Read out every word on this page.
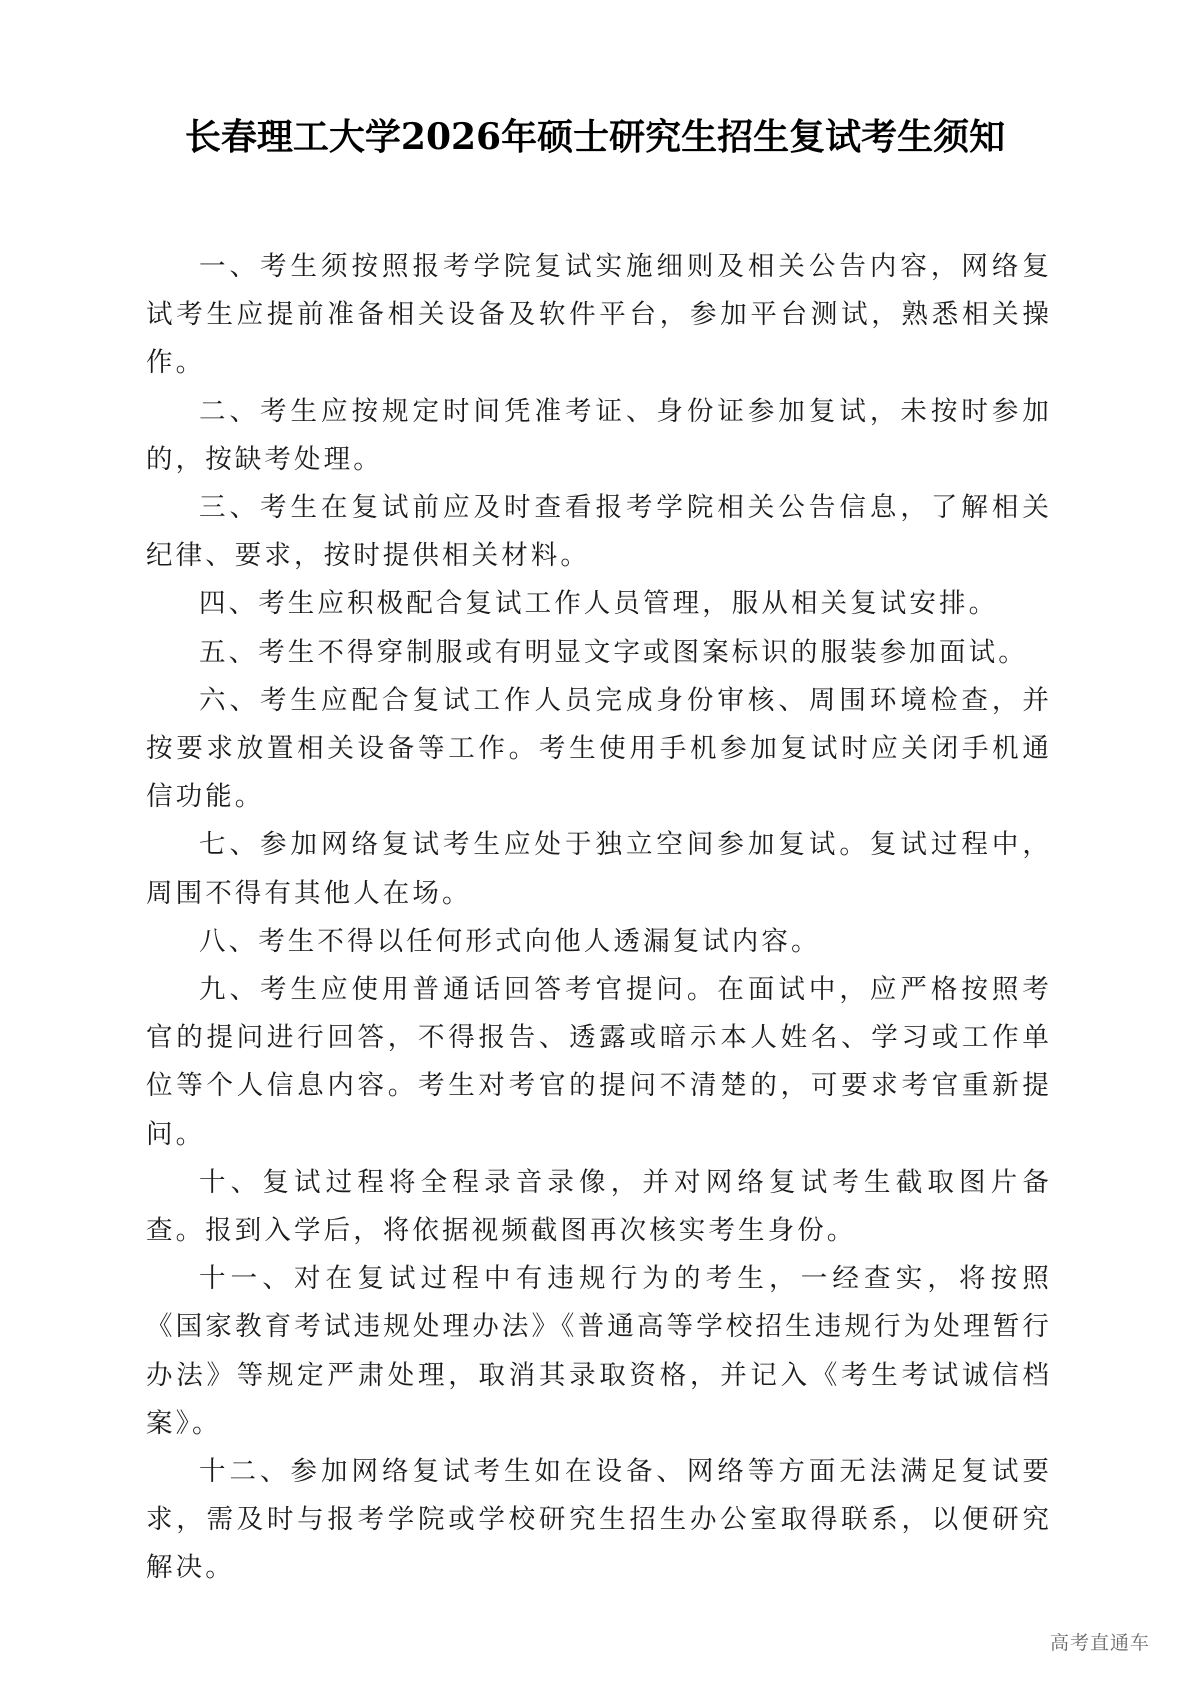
长春理工大学2026年硕士研究生招生复试考生须知

一、考生须按照报考学院复试实施细则及相关公告内容，网络复试考生应提前准备相关设备及软件平台，参加平台测试，熟悉相关操作。

二、考生应按规定时间凭准考证、身份证参加复试，未按时参加的，按缺考处理。

三、考生在复试前应及时查看报考学院相关公告信息，了解相关纪律、要求，按时提供相关材料。

四、考生应积极配合复试工作人员管理，服从相关复试安排。

五、考生不得穿制服或有明显文字或图案标识的服装参加面试。

六、考生应配合复试工作人员完成身份审核、周围环境检查，并按要求放置相关设备等工作。考生使用手机参加复试时应关闭手机通信功能。

七、参加网络复试考生应处于独立空间参加复试。复试过程中，周围不得有其他人在场。

八、考生不得以任何形式向他人透漏复试内容。

九、考生应使用普通话回答考官提问。在面试中，应严格按照考官的提问进行回答，不得报告、透露或暗示本人姓名、学习或工作单位等个人信息内容。考生对考官的提问不清楚的，可要求考官重新提问。

十、复试过程将全程录音录像，并对网络复试考生截取图片备查。报到入学后，将依据视频截图再次核实考生身份。

十一、对在复试过程中有违规行为的考生，一经查实，将按照《国家教育考试违规处理办法》《普通高等学校招生违规行为处理暂行办法》等规定严肃处理，取消其录取资格，并记入《考生考试诚信档案》。

十二、参加网络复试考生如在设备、网络等方面无法满足复试要求，需及时与报考学院或学校研究生招生办公室取得联系，以便研究解决。

高考直通车
